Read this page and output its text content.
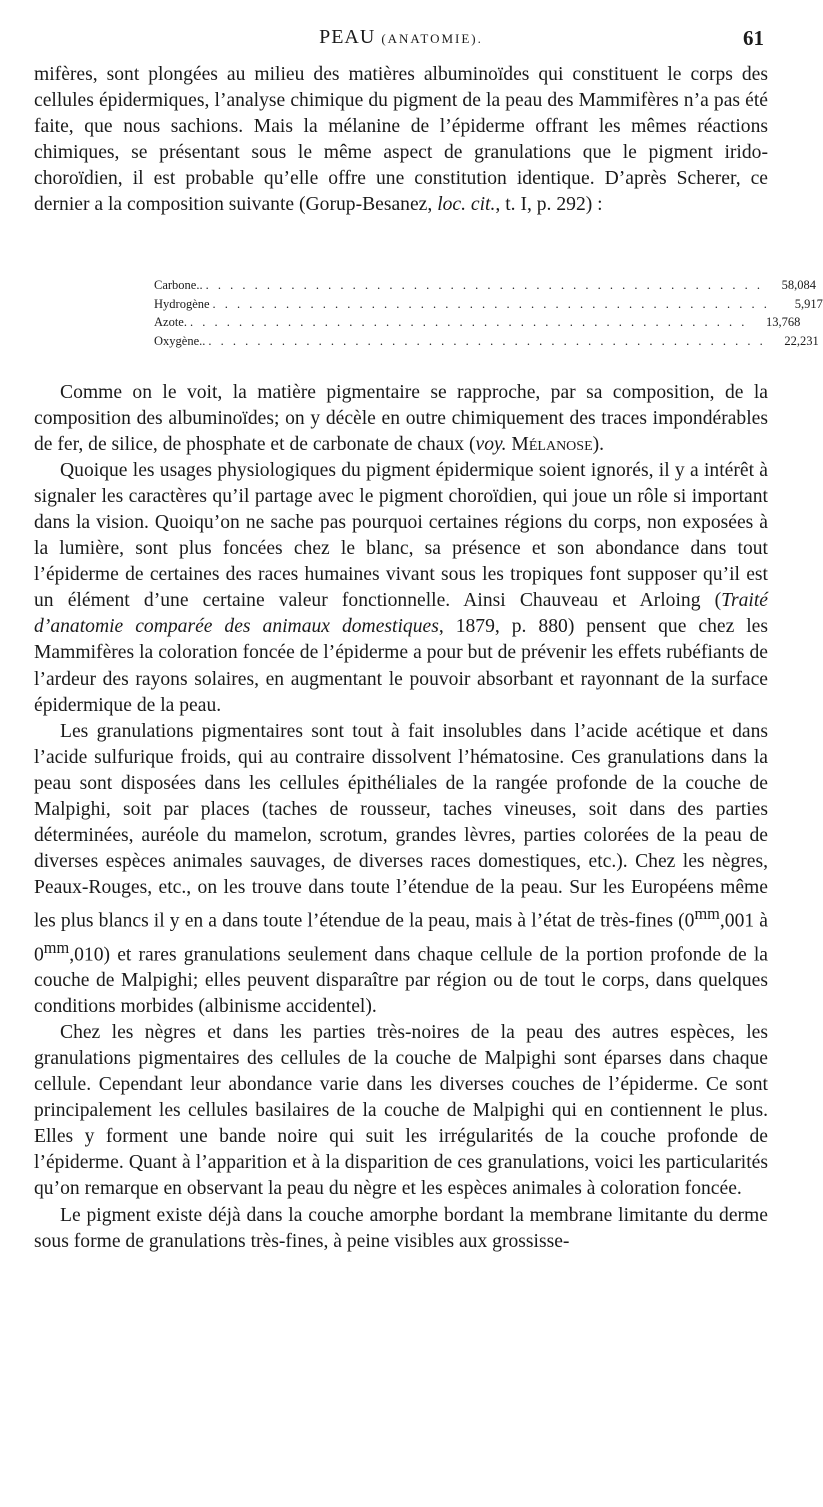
PEAU (ANATOMIE).	61

mifères, sont plongées au milieu des matières albuminoïdes qui constituent le corps des cellules épidermiques, l’analyse chimique du pigment de la peau des Mammifères n’a pas été faite, que nous sachions. Mais la mélanine de l’épiderme offrant les mêmes réactions chimiques, se présentant sous le même aspect de granulations que le pigment irido-choroïdien, il est probable qu’elle offre une constitution identique. D’après Scherer, ce dernier a la composition suivante (Gorup-Besanez, loc. cit., t. I, p. 292) :

Carbone.. . . . . . . . . . . . . . . . . . . . . . . . . . . . . . . . . . . . . . . . . . . . . . .	58,084
Hydrogène . . . . . . . . . . . . . . . . . . . . . . . . . . . . . . . . . . . . . . . . . . . . . .	5,917
Azote. . . . . . . . . . . . . . . . . . . . . . . . . . . . . . . . . . . . . . . . . . . . . . .	13,768
Oxygène.. . . . . . . . . . . . . . . . . . . . . . . . . . . . . . . . . . . . . . . . . . . . . . .	22,231

Comme on le voit, la matière pigmentaire se rapproche, par sa composition, de la composition des albuminoïdes; on y décèle en outre chimiquement des traces impondérables de fer, de silice, de phosphate et de carbonate de chaux (voy. Mélanose).

Quoique les usages physiologiques du pigment épidermique soient ignorés, il y a intérêt à signaler les caractères qu’il partage avec le pigment choroïdien, qui joue un rôle si important dans la vision. Quoiqu’on ne sache pas pourquoi certaines régions du corps, non exposées à la lumière, sont plus foncées chez le blanc, sa présence et son abondance dans tout l’épiderme de certaines des races humaines vivant sous les tropiques font supposer qu’il est un élément d’une certaine valeur fonctionnelle. Ainsi Chauveau et Arloing (Traité d’anatomie comparée des animaux domestiques, 1879, p. 880) pensent que chez les Mammifères la coloration foncée de l’épiderme a pour but de prévenir les effets rubéfiants de l’ardeur des rayons solaires, en augmentant le pouvoir absorbant et rayonnant de la surface épidermique de la peau.

Les granulations pigmentaires sont tout à fait insolubles dans l’acide acétique et dans l’acide sulfurique froids, qui au contraire dissolvent l’hématosine. Ces granulations dans la peau sont disposées dans les cellules épithéliales de la rangée profonde de la couche de Malpighi, soit par places (taches de rousseur, taches vineuses, soit dans des parties déterminées, auréole du mamelon, scrotum, grandes lèvres, parties colorées de la peau de diverses espèces animales sauvages, de diverses races domestiques, etc.). Chez les nègres, Peaux-Rouges, etc., on les trouve dans toute l’étendue de la peau. Sur les Européens même les plus blancs il y en a dans toute l’étendue de la peau, mais à l’état de très-fines ($0^{mm},001$ à $0^{mm},010$) et rares granulations seulement dans chaque cellule de la portion profonde de la couche de Malpighi; elles peuvent disparaître par région ou de tout le corps, dans quelques conditions morbides (albinisme accidentel).

Chez les nègres et dans les parties très-noires de la peau des autres espèces, les granulations pigmentaires des cellules de la couche de Malpighi sont éparses dans chaque cellule. Cependant leur abondance varie dans les diverses couches de l’épiderme. Ce sont principalement les cellules basilaires de la couche de Malpighi qui en contiennent le plus. Elles y forment une bande noire qui suit les irrégularités de la couche profonde de l’épiderme. Quant à l’apparition et à la disparition de ces granulations, voici les particularités qu’on remarque en observant la peau du nègre et les espèces animales à coloration foncée.

Le pigment existe déjà dans la couche amorphe bordant la membrane limitante du derme sous forme de granulations très-fines, à peine visibles aux grossisse-
